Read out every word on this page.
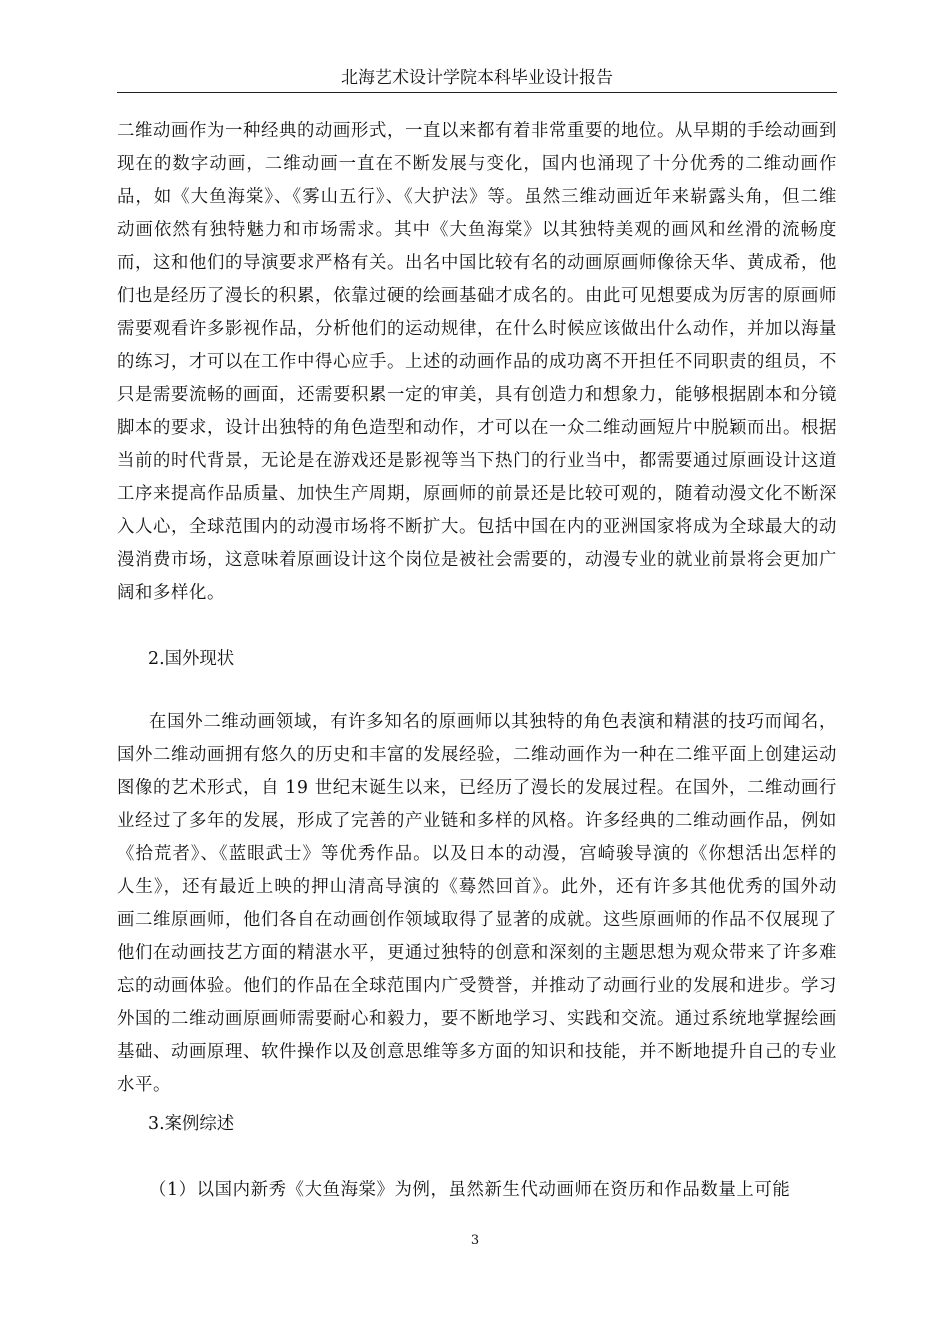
北海艺术设计学院本科毕业设计报告

二维动画作为一种经典的动画形式，一直以来都有着非常重要的地位。从早期的手绘动画到现在的数字动画，二维动画一直在不断发展与变化，国内也涌现了十分优秀的二维动画作品，如《大鱼海棠》、《雾山五行》、《大护法》等。虽然三维动画近年来崭露头角，但二维动画依然有独特魅力和市场需求。其中《大鱼海棠》以其独特美观的画风和丝滑的流畅度而，这和他们的导演要求严格有关。出名中国比较有名的动画原画师像徐天华、黄成希，他们也是经历了漫长的积累，依靠过硬的绘画基础才成名的。由此可见想要成为厉害的原画师需要观看许多影视作品，分析他们的运动规律，在什么时候应该做出什么动作，并加以海量的练习，才可以在工作中得心应手。上述的动画作品的成功离不开担任不同职责的组员，不只是需要流畅的画面，还需要积累一定的审美，具有创造力和想象力，能够根据剧本和分镜脚本的要求，设计出独特的角色造型和动作，才可以在一众二维动画短片中脱颖而出。根据当前的时代背景，无论是在游戏还是影视等当下热门的行业当中，都需要通过原画设计这道工序来提高作品质量、加快生产周期，原画师的前景还是比较可观的，随着动漫文化不断深入人心，全球范围内的动漫市场将不断扩大。包括中国在内的亚洲国家将成为全球最大的动漫消费市场，这意味着原画设计这个岗位是被社会需要的，动漫专业的就业前景将会更加广阔和多样化。

2.国外现状

在国外二维动画领域，有许多知名的原画师以其独特的角色表演和精湛的技巧而闻名，国外二维动画拥有悠久的历史和丰富的发展经验，二维动画作为一种在二维平面上创建运动图像的艺术形式，自 19 世纪末诞生以来，已经历了漫长的发展过程。在国外，二维动画行业经过了多年的发展，形成了完善的产业链和多样的风格。许多经典的二维动画作品，例如《拾荒者》、《蓝眼武士》等优秀作品。以及日本的动漫，宫崎骏导演的《你想活出怎样的人生》，还有最近上映的押山清高导演的《蓦然回首》。此外，还有许多其他优秀的国外动画二维原画师，他们各自在动画创作领域取得了显著的成就。这些原画师的作品不仅展现了他们在动画技艺方面的精湛水平，更通过独特的创意和深刻的主题思想为观众带来了许多难忘的动画体验。他们的作品在全球范围内广受赞誉，并推动了动画行业的发展和进步。学习外国的二维动画原画师需要耐心和毅力，要不断地学习、实践和交流。通过系统地掌握绘画基础、动画原理、软件操作以及创意思维等多方面的知识和技能，并不断地提升自己的专业水平。

3.案例综述

（1）以国内新秀《大鱼海棠》为例，虽然新生代动画师在资历和作品数量上可能

3
